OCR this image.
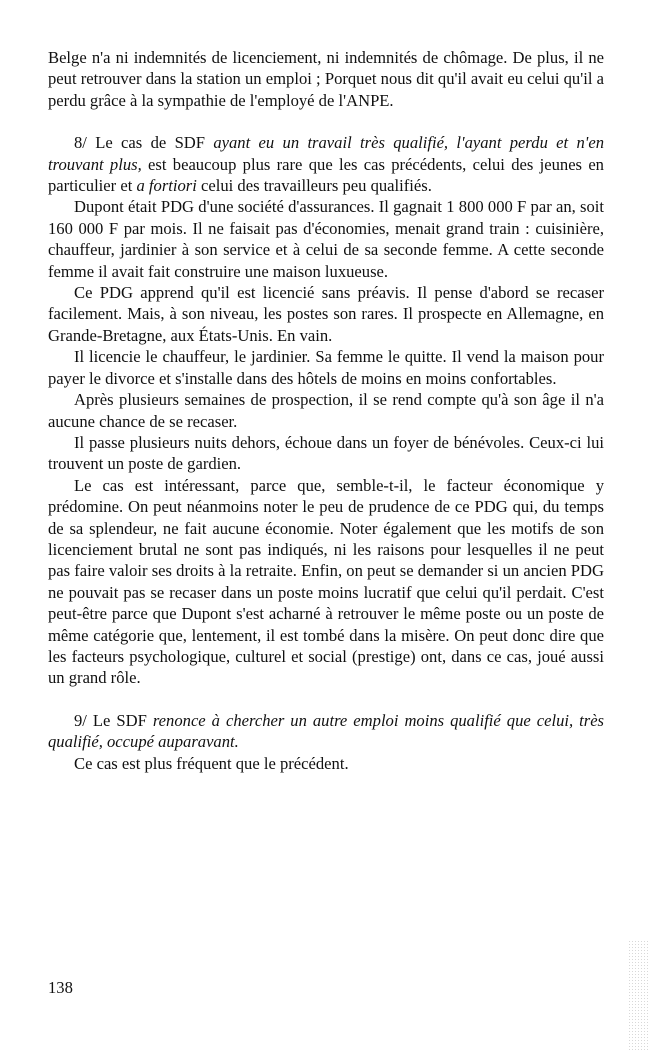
Belge n'a ni indemnités de licenciement, ni indemnités de chômage. De plus, il ne peut retrouver dans la station un emploi ; Porquet nous dit qu'il avait eu celui qu'il a perdu grâce à la sympathie de l'employé de l'ANPE.

8/ Le cas de SDF ayant eu un travail très qualifié, l'ayant perdu et n'en trouvant plus, est beaucoup plus rare que les cas précédents, celui des jeunes en particulier et a fortiori celui des travailleurs peu qualifiés.

Dupont était PDG d'une société d'assurances. Il gagnait 1 800 000 F par an, soit 160 000 F par mois. Il ne faisait pas d'économies, menait grand train : cuisinière, chauffeur, jardinier à son service et à celui de sa seconde femme. A cette seconde femme il avait fait construire une maison luxueuse.

Ce PDG apprend qu'il est licencié sans préavis. Il pense d'abord se recaser facilement. Mais, à son niveau, les postes son rares. Il prospecte en Allemagne, en Grande-Bretagne, aux États-Unis. En vain.

Il licencie le chauffeur, le jardinier. Sa femme le quitte. Il vend la maison pour payer le divorce et s'installe dans des hôtels de moins en moins confortables.

Après plusieurs semaines de prospection, il se rend compte qu'à son âge il n'a aucune chance de se recaser.

Il passe plusieurs nuits dehors, échoue dans un foyer de bénévoles. Ceux-ci lui trouvent un poste de gardien.

Le cas est intéressant, parce que, semble-t-il, le facteur économique y prédomine. On peut néanmoins noter le peu de prudence de ce PDG qui, du temps de sa splendeur, ne fait aucune économie. Noter également que les motifs de son licenciement brutal ne sont pas indiqués, ni les raisons pour lesquelles il ne peut pas faire valoir ses droits à la retraite. Enfin, on peut se demander si un ancien PDG ne pouvait pas se recaser dans un poste moins lucratif que celui qu'il perdait. C'est peut-être parce que Dupont s'est acharné à retrouver le même poste ou un poste de même catégorie que, lentement, il est tombé dans la misère. On peut donc dire que les facteurs psychologique, culturel et social (prestige) ont, dans ce cas, joué aussi un grand rôle.

9/ Le SDF renonce à chercher un autre emploi moins qualifié que celui, très qualifié, occupé auparavant.

Ce cas est plus fréquent que le précédent.

138
